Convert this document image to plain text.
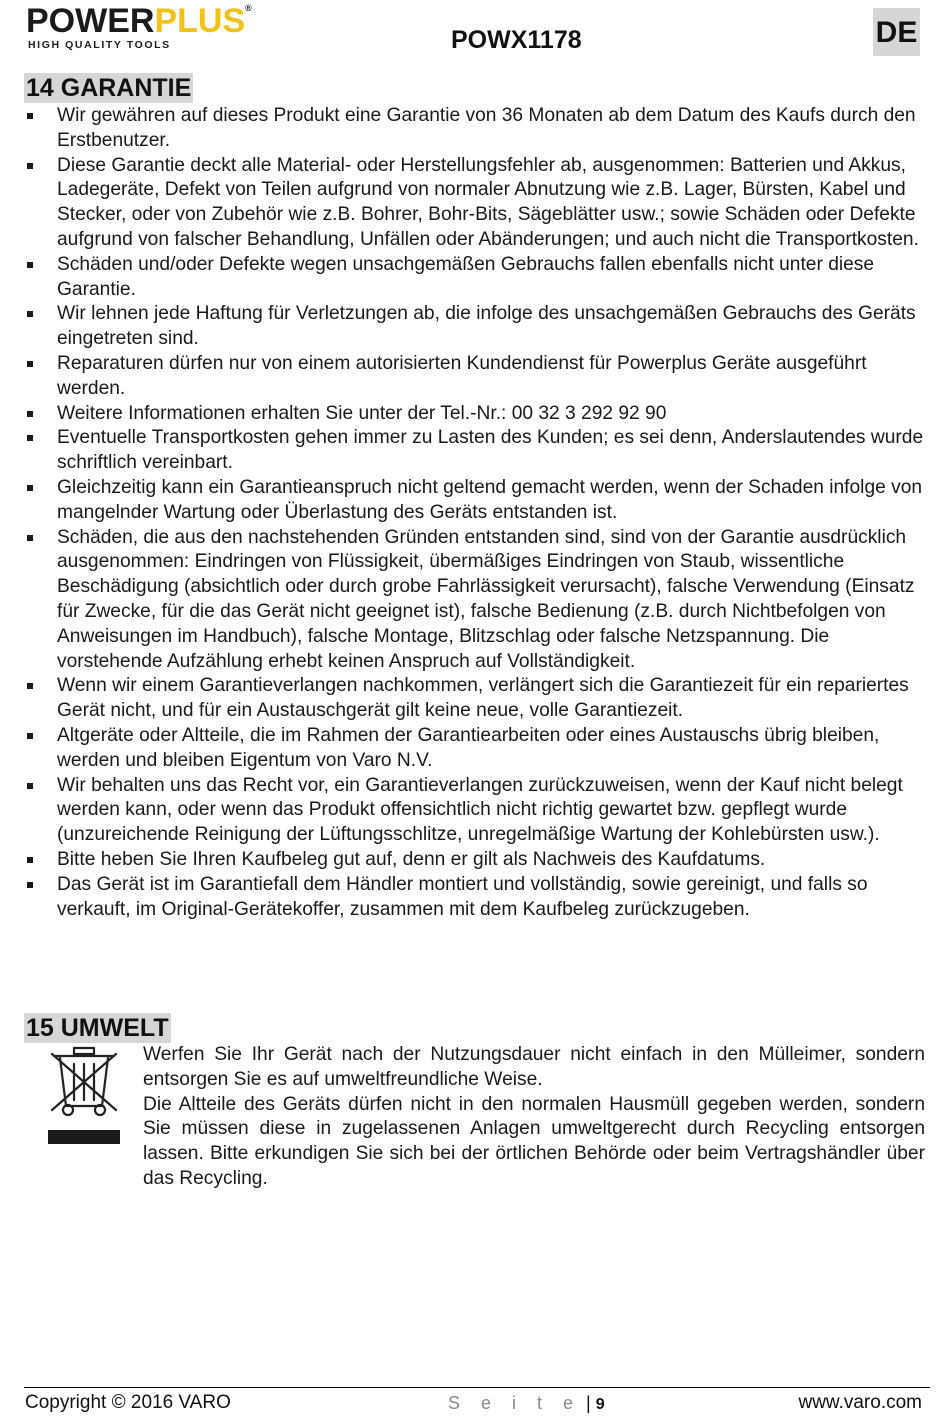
POWERPLUS®
HIGH QUALITY TOOLS	POWX1178	DE
14 GARANTIE
Wir gewähren auf dieses Produkt eine Garantie von 36 Monaten ab dem Datum des Kaufs durch den Erstbenutzer.
Diese Garantie deckt alle Material- oder Herstellungsfehler ab, ausgenommen: Batterien und Akkus, Ladegeräte, Defekt von Teilen aufgrund von normaler Abnutzung wie z.B. Lager, Bürsten, Kabel und Stecker, oder von Zubehör wie z.B. Bohrer, Bohr-Bits, Sägeblätter usw.; sowie Schäden oder Defekte aufgrund von falscher Behandlung, Unfällen oder Abänderungen; und auch nicht die Transportkosten.
Schäden und/oder Defekte wegen unsachgemäßen Gebrauchs fallen ebenfalls nicht unter diese Garantie.
Wir lehnen jede Haftung für Verletzungen ab, die infolge des unsachgemäßen Gebrauchs des Geräts eingetreten sind.
Reparaturen dürfen nur von einem autorisierten Kundendienst für Powerplus Geräte ausgeführt werden.
Weitere Informationen erhalten Sie unter der Tel.-Nr.: 00 32 3 292 92 90
Eventuelle Transportkosten gehen immer zu Lasten des Kunden; es sei denn, Anderslautendes wurde schriftlich vereinbart.
Gleichzeitig kann ein Garantieanspruch nicht geltend gemacht werden, wenn der Schaden infolge von mangelnder Wartung oder Überlastung des Geräts entstanden ist.
Schäden, die aus den nachstehenden Gründen entstanden sind, sind von der Garantie ausdrücklich ausgenommen: Eindringen von Flüssigkeit, übermäßiges Eindringen von Staub, wissentliche Beschädigung (absichtlich oder durch grobe Fahrlässigkeit verursacht), falsche Verwendung (Einsatz für Zwecke, für die das Gerät nicht geeignet ist), falsche Bedienung (z.B. durch Nichtbefolgen von Anweisungen im Handbuch), falsche Montage, Blitzschlag oder falsche Netzspannung. Die vorstehende Aufzählung erhebt keinen Anspruch auf Vollständigkeit.
Wenn wir einem Garantieverlangen nachkommen, verlängert sich die Garantiezeit für ein repariertes Gerät nicht, und für ein Austauschgerät gilt keine neue, volle Garantiezeit.
Altgeräte oder Altteile, die im Rahmen der Garantiearbeiten oder eines Austauschs übrig bleiben, werden und bleiben Eigentum von Varo N.V.
Wir behalten uns das Recht vor, ein Garantieverlangen zurückzuweisen, wenn der Kauf nicht belegt werden kann, oder wenn das Produkt offensichtlich nicht richtig gewartet bzw. gepflegt wurde (unzureichende Reinigung der Lüftungsschlitze, unregelmäßige Wartung der Kohlebürsten usw.).
Bitte heben Sie Ihren Kaufbeleg gut auf, denn er gilt als Nachweis des Kaufdatums.
Das Gerät ist im Garantiefall dem Händler montiert und vollständig, sowie gereinigt, und falls so verkauft, im Original-Gerätekoffer, zusammen mit dem Kaufbeleg zurückzugeben.
15 UMWELT

Werfen Sie Ihr Gerät nach der Nutzungsdauer nicht einfach in den Mülleimer, sondern entsorgen Sie es auf umweltfreundliche Weise.

Die Altteile des Geräts dürfen nicht in den normalen Hausmüll gegeben werden, sondern Sie müssen diese in zugelassenen Anlagen umweltgerecht durch Recycling entsorgen lassen. Bitte erkundigen Sie sich bei der örtlichen Behörde oder beim Vertragshändler über das Recycling.

Copyright © 2016 VARO	S e i t e | 9	www.varo.com
